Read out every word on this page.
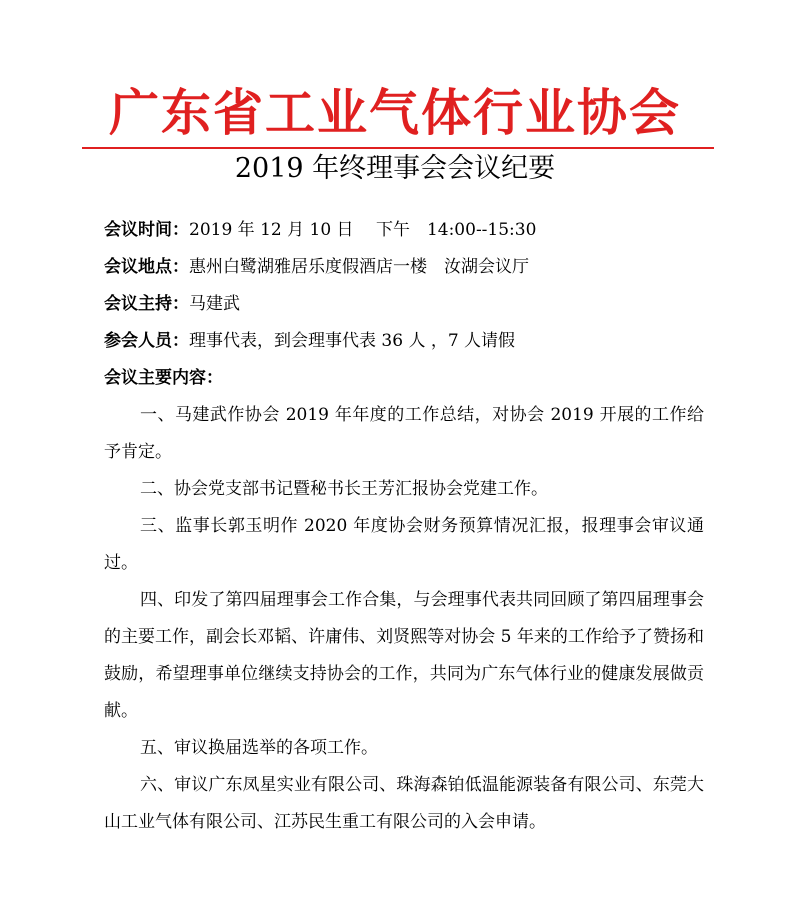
广东省工业气体行业协会
2019 年终理事会会议纪要
会议时间：2019 年 12 月 10 日　 下午　14:00--15:30
会议地点：惠州白鹭湖雅居乐度假酒店一楼　汝湖会议厅
会议主持：马建武
参会人员：理事代表，到会理事代表 36 人 ，7 人请假
会议主要内容：
一、马建武作协会 2019 年年度的工作总结，对协会 2019 开展的工作给予肯定。
二、协会党支部书记暨秘书长王芳汇报协会党建工作。
三、监事长郭玉明作 2020 年度协会财务预算情况汇报，报理事会审议通过。
四、印发了第四届理事会工作合集，与会理事代表共同回顾了第四届理事会的主要工作，副会长邓韬、许庸伟、刘贤熙等对协会 5 年来的工作给予了赞扬和鼓励，希望理事单位继续支持协会的工作，共同为广东气体行业的健康发展做贡献。
五、审议换届选举的各项工作。
六、审议广东凤星实业有限公司、珠海森铂低温能源装备有限公司、东莞大山工业气体有限公司、江苏民生重工有限公司的入会申请。
